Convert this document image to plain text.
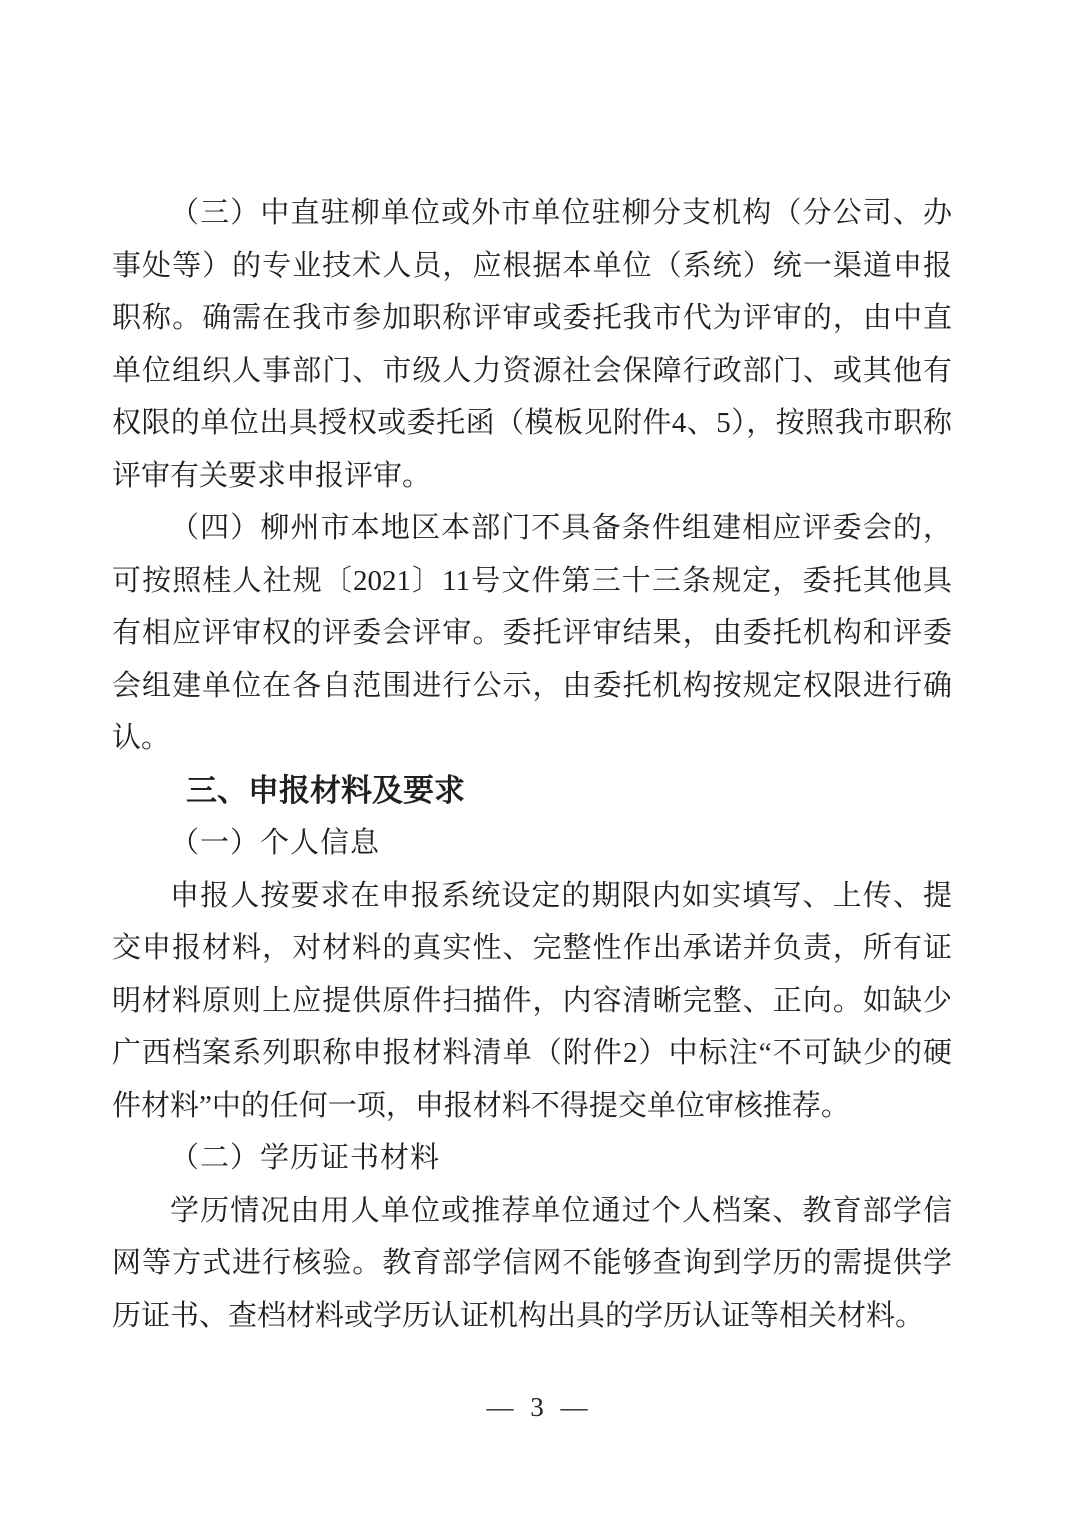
（三）中直驻柳单位或外市单位驻柳分支机构（分公司、办
事处等）的专业技术人员，应根据本单位（系统）统一渠道申报
职称。确需在我市参加职称评审或委托我市代为评审的，由中直
单位组织人事部门、市级人力资源社会保障行政部门、或其他有
权限的单位出具授权或委托函（模板见附件4、5），按照我市职称
评审有关要求申报评审。
（四）柳州市本地区本部门不具备条件组建相应评委会的，
可按照桂人社规〔2021〕11号文件第三十三条规定，委托其他具
有相应评审权的评委会评审。委托评审结果，由委托机构和评委
会组建单位在各自范围进行公示，由委托机构按规定权限进行确
认。
三、申报材料及要求
（一）个人信息
申报人按要求在申报系统设定的期限内如实填写、上传、提
交申报材料，对材料的真实性、完整性作出承诺并负责，所有证
明材料原则上应提供原件扫描件，内容清晰完整、正向。如缺少
广西档案系列职称申报材料清单（附件2）中标注“不可缺少的硬
件材料”中的任何一项，申报材料不得提交单位审核推荐。
（二）学历证书材料
学历情况由用人单位或推荐单位通过个人档案、教育部学信
网等方式进行核验。教育部学信网不能够查询到学历的需提供学
历证书、查档材料或学历认证机构出具的学历认证等相关材料。
— 3 —
